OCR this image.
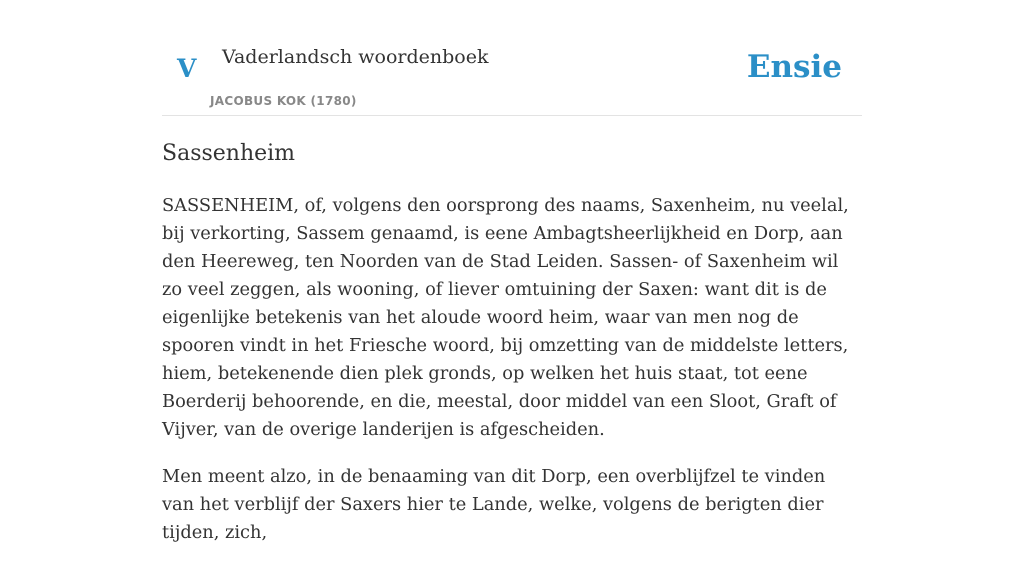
V Vaderlandsch woordenboek
JACOBUS KOK (1780)
Ensie
Sassenheim

SASSENHEIM, of, volgens den oorsprong des naams, Saxenheim, nu veelal, bij verkorting, Sassem genaamd, is eene Ambagtsheerlijkheid en Dorp, aan den Heereweg, ten Noorden van de Stad Leiden. Sassen- of Saxenheim wil zo veel zeggen, als wooning, of liever omtuining der Saxen: want dit is de eigenlijke betekenis van het aloude woord heim, waar van men nog de spooren vindt in het Friesche woord, bij omzetting van de middelste letters, hiem, betekenende dien plek gronds, op welken het huis staat, tot eene Boerderij behoorende, en die, meestal, door middel van een Sloot, Graft of Vijver, van de overige landerijen is afgescheiden.

Men meent alzo, in de benaaming van dit Dorp, een overblijfzel te vinden van het verblijf der Saxers hier te Lande, welke, volgens de berigten dier tijden, zich,
